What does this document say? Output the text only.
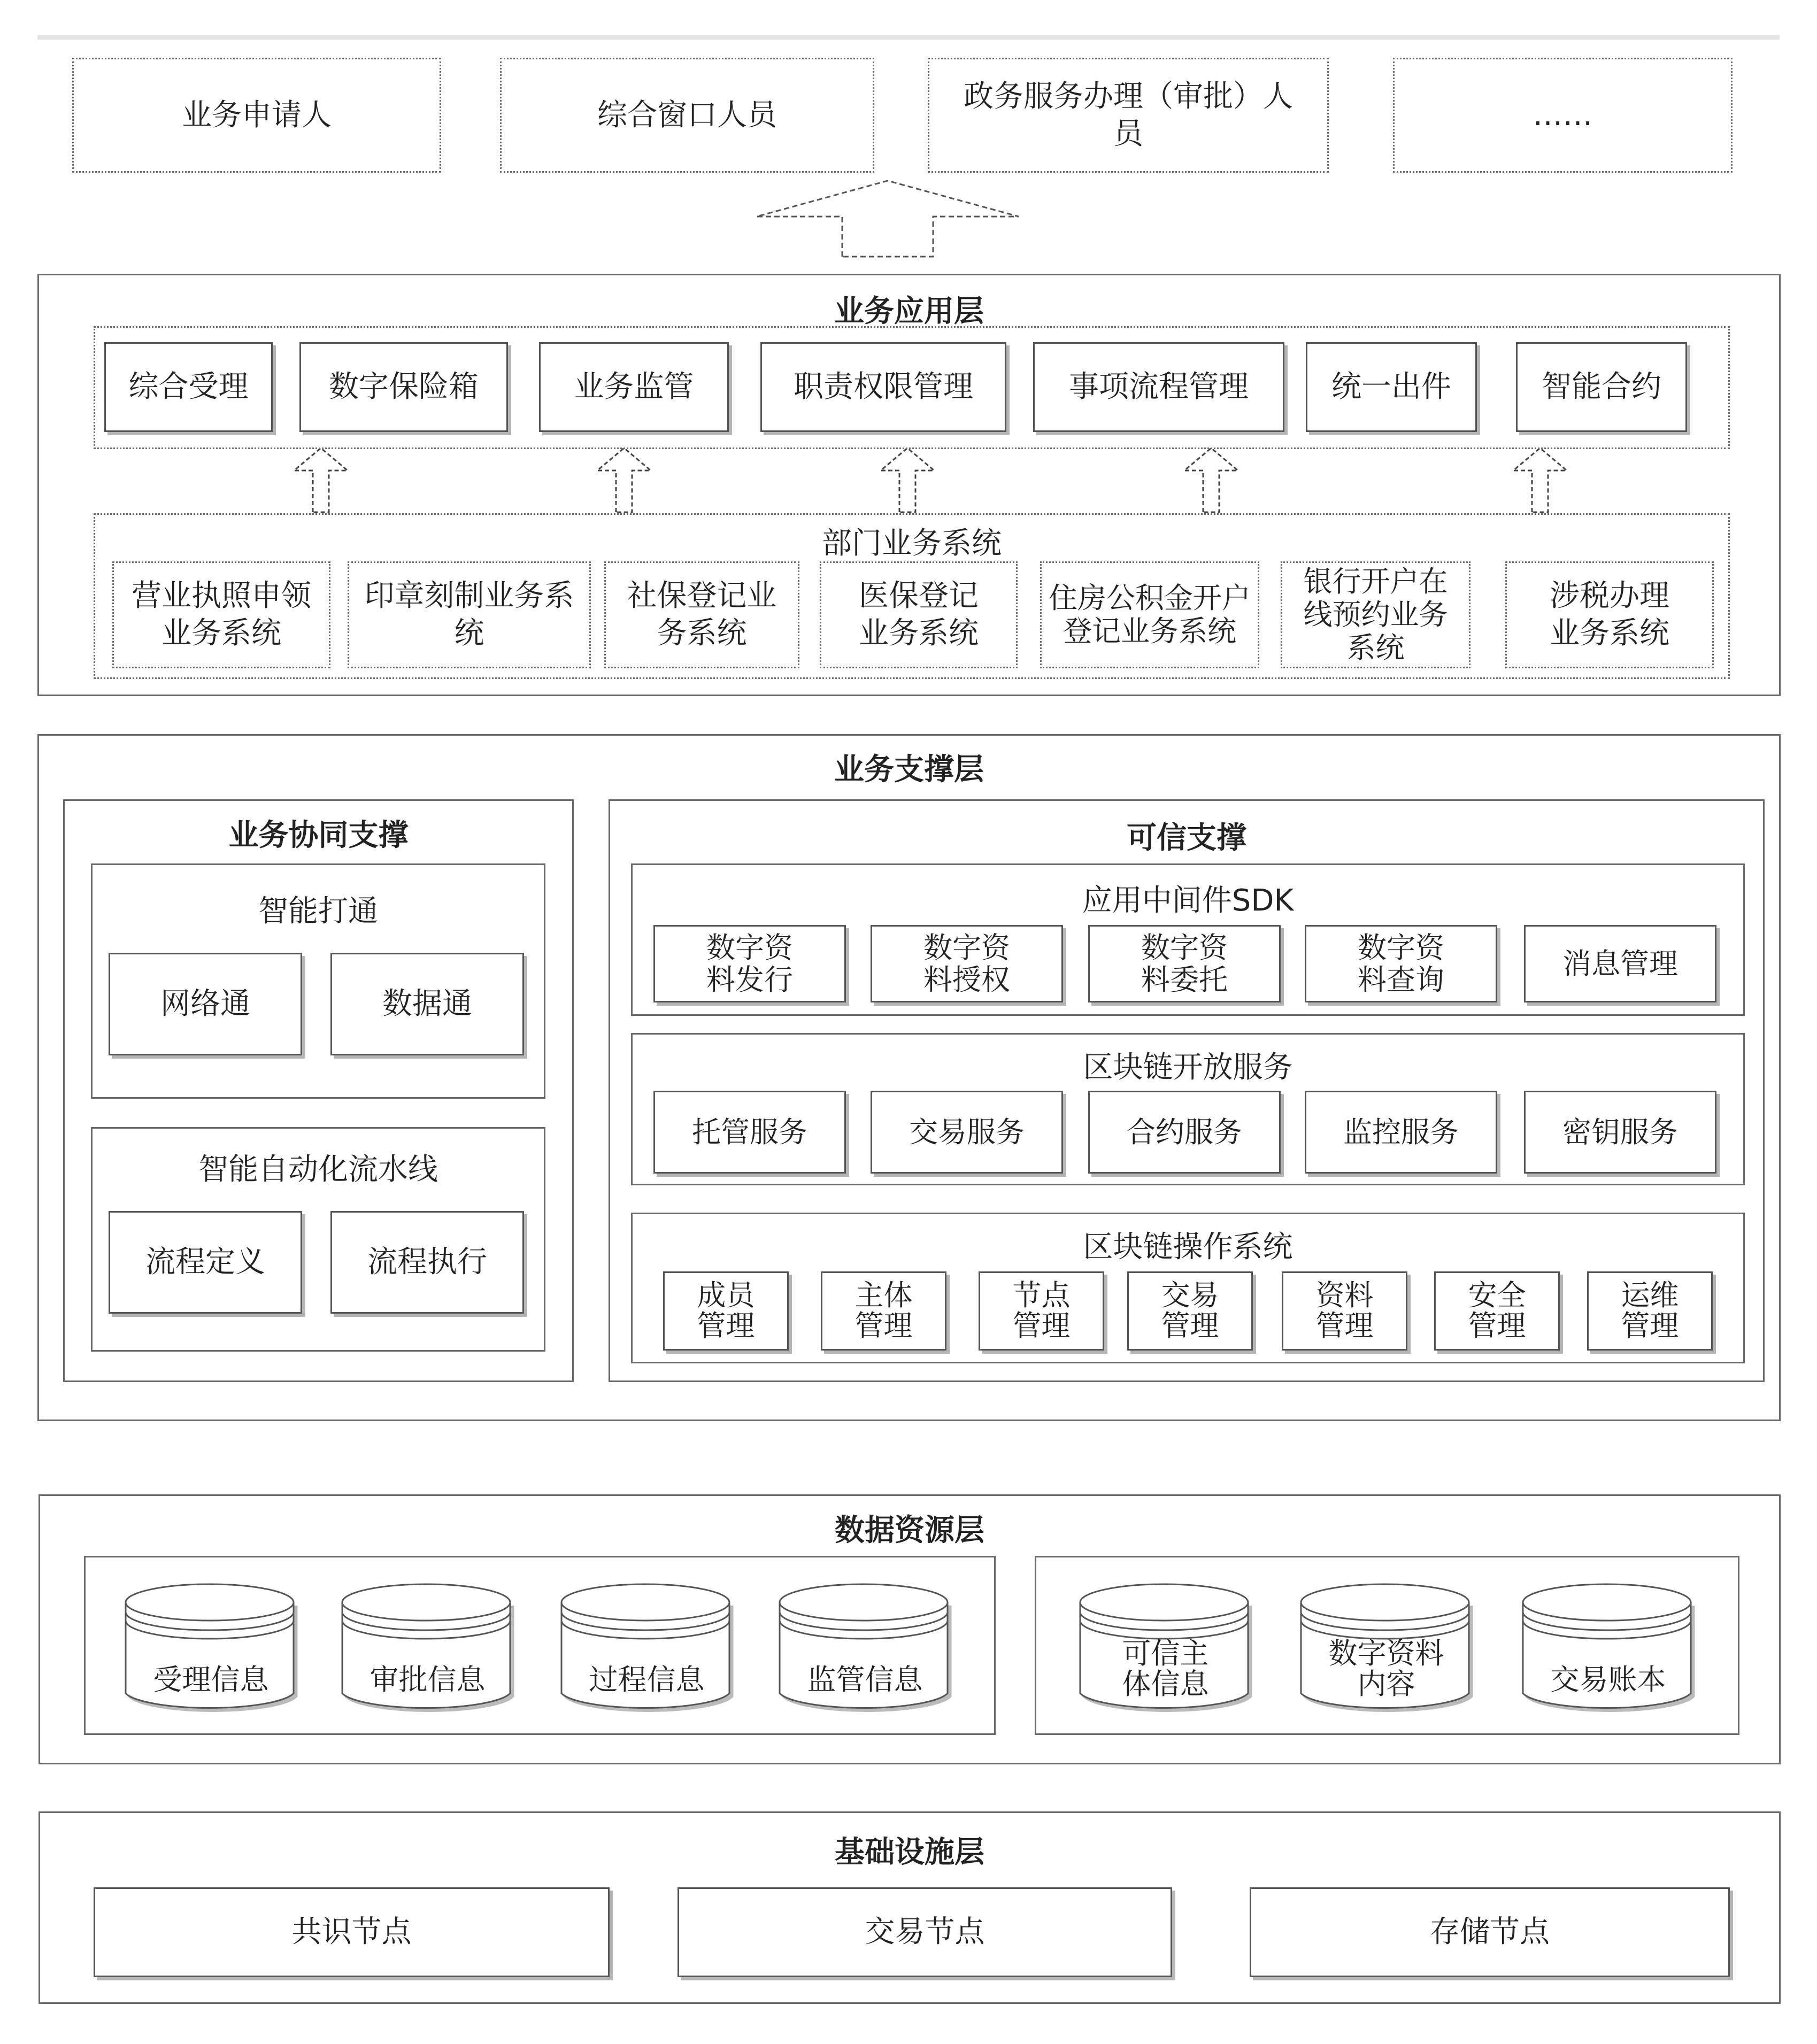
业务申请人	综合窗口人员
政务服务办理（审批）人员
……
业务应用层
综合受理	数字保险箱	业务监管	职责权限管理	事项流程管理	统一出件	智能合约
部门业务系统
营业执照申领业务系统
印章刻制业务系统
社保登记业务系统
医保登记业务系统
住房公积金开户登记业务系统
银行开户在线预约业务系统
涉税办理业务系统
业务支撑层
业务协同支撑
智能打通
网络通	数据通
智能自动化流水线
流程定义	流程执行
可信支撑
应用中间件SDK
数字资料发行
数字资料授权
数字资料委托
数字资料查询	消息管理
区块链开放服务
托管服务	交易服务	合约服务	监控服务	密钥服务
区块链操作系统
成员管理
主体管理
节点管理
交易管理
资料管理
安全管理
运维管理
数据资源层
受理信息	审批信息	过程信息	监管信息
可信主体信息
数字资料内容	交易账本
基础设施层
共识节点	交易节点	存储节点
